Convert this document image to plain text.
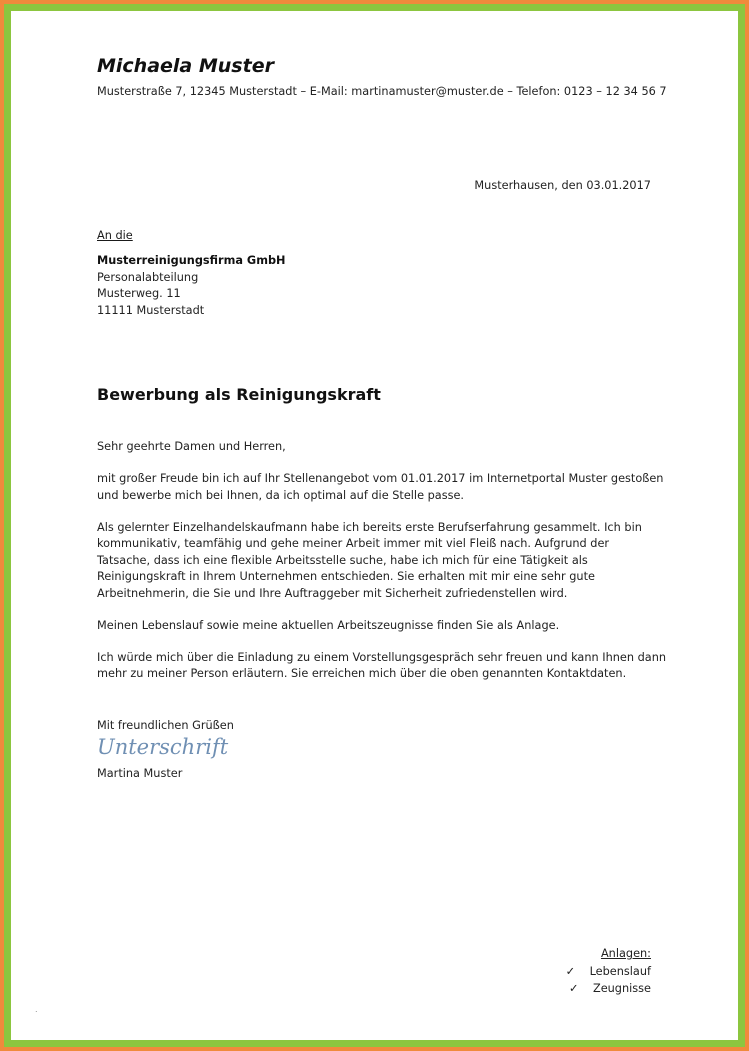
Michaela Muster
Musterstraße 7, 12345 Musterstadt – E-Mail: martinamuster@muster.de – Telefon: 0123 – 12 34 56 7
Musterhausen, den 03.01.2017
An die
Musterreinigungsfirma GmbH
Personalabteilung
Musterweg. 11
11111 Musterstadt
Bewerbung als Reinigungskraft

Sehr geehrte Damen und Herren,

mit großer Freude bin ich auf Ihr Stellenangebot vom 01.01.2017 im Internetportal Muster gestoßen
und bewerbe mich bei Ihnen, da ich optimal auf die Stelle passe.

Als gelernter Einzelhandelskaufmann habe ich bereits erste Berufserfahrung gesammelt. Ich bin
kommunikativ, teamfähig und gehe meiner Arbeit immer mit viel Fleiß nach. Aufgrund der
Tatsache, dass ich eine flexible Arbeitsstelle suche, habe ich mich für eine Tätigkeit als
Reinigungskraft in Ihrem Unternehmen entschieden. Sie erhalten mit mir eine sehr gute
Arbeitnehmerin, die Sie und Ihre Auftraggeber mit Sicherheit zufriedenstellen wird.

Meinen Lebenslauf sowie meine aktuellen Arbeitszeugnisse finden Sie als Anlage.

Ich würde mich über die Einladung zu einem Vorstellungsgespräch sehr freuen und kann Ihnen dann
mehr zu meiner Person erläutern. Sie erreichen mich über die oben genannten Kontaktdaten.

Mit freundlichen Grüßen
Unterschrift
Martina Muster
Anlagen:
✓ Lebenslauf
✓ Zeugnisse
.
